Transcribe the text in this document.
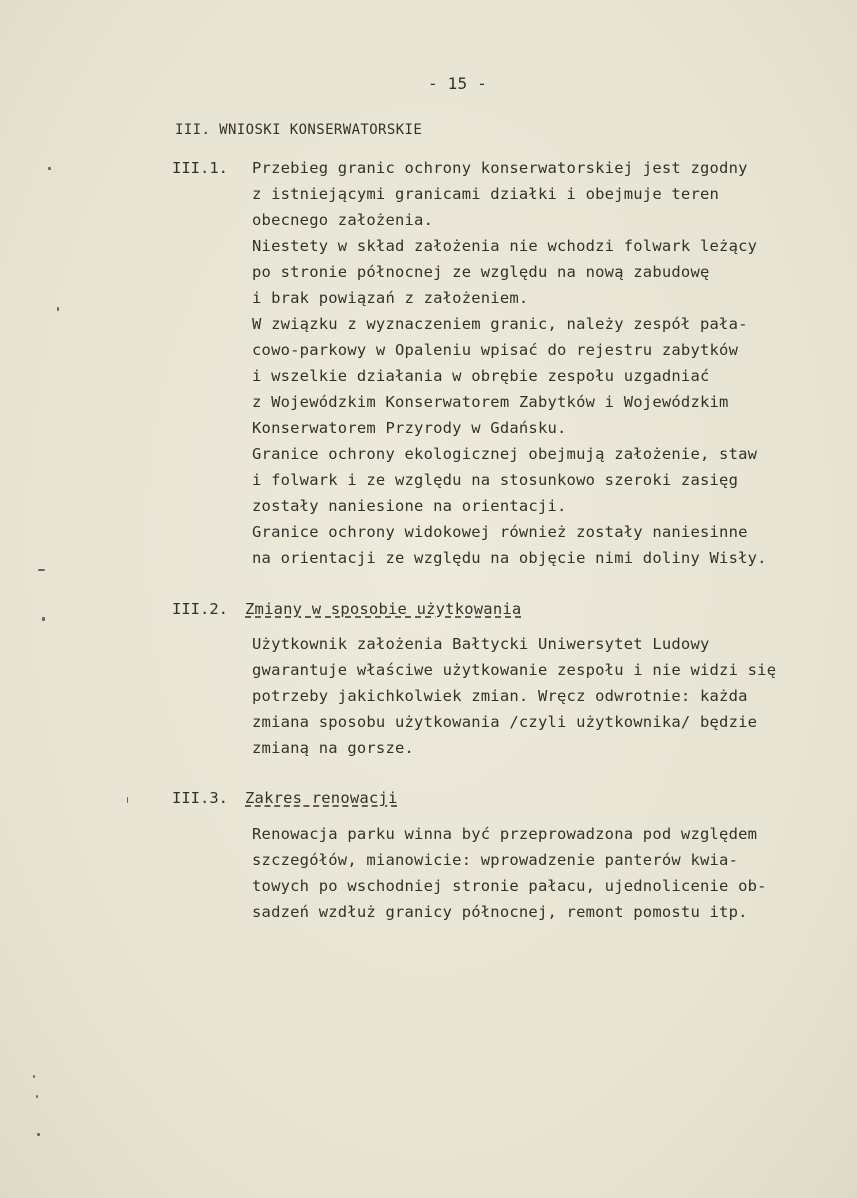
- 15 -
III. WNIOSKI KONSERWATORSKIE
III.1. Przebieg granic ochrony konserwatorskiej jest zgodny
z istniejącymi granicami działki i obejmuje teren
obecnego założenia.
Niestety w skład założenia nie wchodzi folwark leżący
po stronie północnej ze względu na nową zabudowę
i brak powiązań z założeniem.
W związku z wyznaczeniem granic, należy zespół pała-
cowo-parkowy w Opaleniu wpisać do rejestru zabytków
i wszelkie działania w obrębie zespołu uzgadniać
z Wojewódzkim Konserwatorem Zabytków i Wojewódzkim
Konserwatorem Przyrody w Gdańsku.
Granice ochrony ekologicznej obejmują założenie, staw
i folwark i ze względu na stosunkowo szeroki zasięg
zostały naniesione na orientacji.
Granice ochrony widokowej również zostały naniesinne
na orientacji ze względu na objęcie nimi doliny Wisły.
III.2. Zmiany w sposobie użytkowania
Użytkownik założenia Bałtycki Uniwersytet Ludowy
gwarantuje właściwe użytkowanie zespołu i nie widzi się
potrzeby jakichkolwiek zmian. Wręcz odwrotnie: każda
zmiana sposobu użytkowania /czyli użytkownika/ będzie
zmianą na gorsze.
III.3. Zakres renowacji
Renowacja parku winna być przeprowadzona pod względem
szczegółów, mianowicie: wprowadzenie panterów kwia-
towych po wschodniej stronie pałacu, ujednolicenie ob-
sadzeń wzdłuż granicy północnej, remont pomostu itp.
